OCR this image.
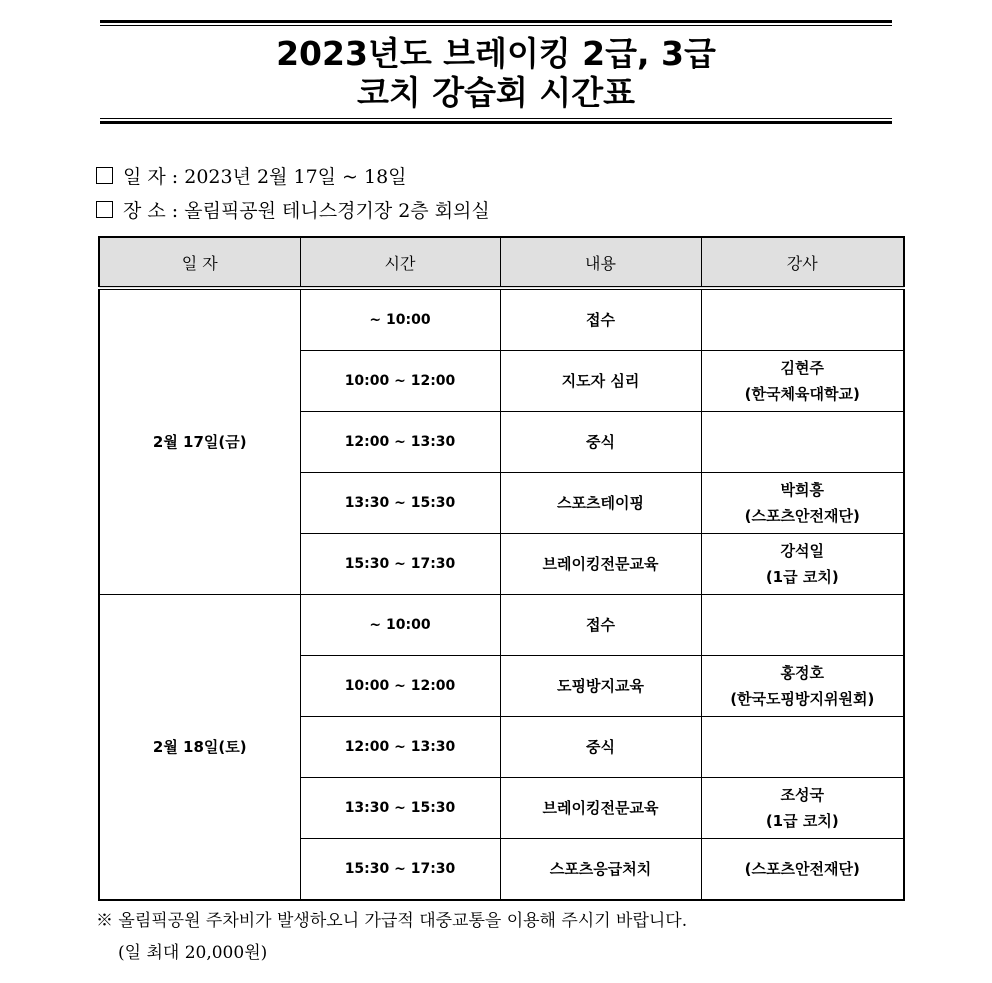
2023년도 브레이킹 2급, 3급
코치 강습회 시간표
일 자 : 2023년 2월 17일 ~ 18일
장 소 : 올림픽공원 테니스경기장 2층 회의실
일 자	시간	내용	강사
2월 17일(금)	~ 10:00	접수	

	10:00 ~ 12:00	지도자 심리	김현주
(한국체육대학교)

	12:00 ~ 13:30	중식	

	13:30 ~ 15:30	스포츠테이핑	박희흥
(스포츠안전재단)

	15:30 ~ 17:30	브레이킹전문교육	강석일
(1급 코치)

2월 18일(토)	~ 10:00	접수	

	10:00 ~ 12:00	도핑방지교육	홍정호
(한국도핑방지위원회)

	12:00 ~ 13:30	중식	

	13:30 ~ 15:30	브레이킹전문교육	조성국
(1급 코치)

	15:30 ~ 17:30	스포츠응급처치	(스포츠안전재단)
※ 올림픽공원 주차비가 발생하오니 가급적 대중교통을 이용해 주시기 바랍니다.
(일 최대 20,000원)
